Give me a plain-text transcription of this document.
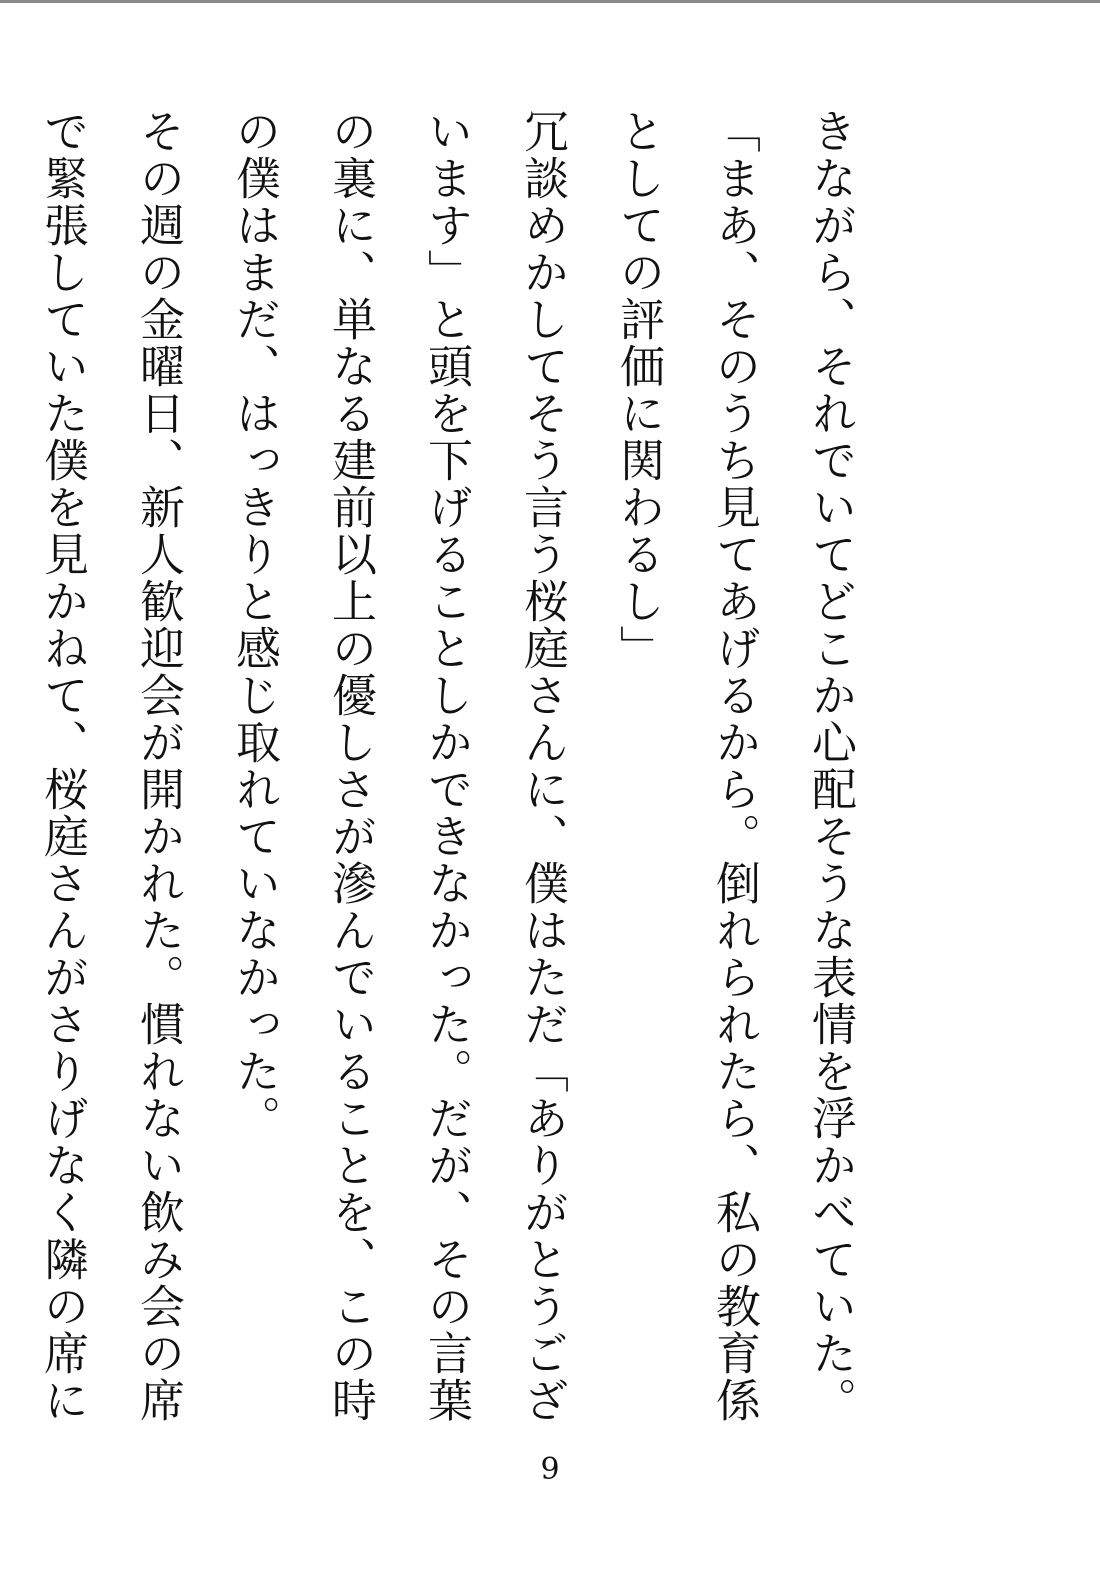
きながら、それでいてどこか心配そうな表情を浮かべていた。

「まあ、そのうち見てあげるから。倒れられたら、私の教育係としての評価に関わるし」

冗談めかしてそう言う桜庭さんに、僕はただ「ありがとうございます」と頭を下げることしかできなかった。だが、その言葉の裏に、単なる建前以上の優しさが滲んでいることを、この時の僕はまだ、はっきりと感じ取れていなかった。

その週の金曜日、新人歓迎会が開かれた。慣れない飲み会の席で緊張していた僕を見かねて、桜庭さんがさりげなく隣の席に

9
